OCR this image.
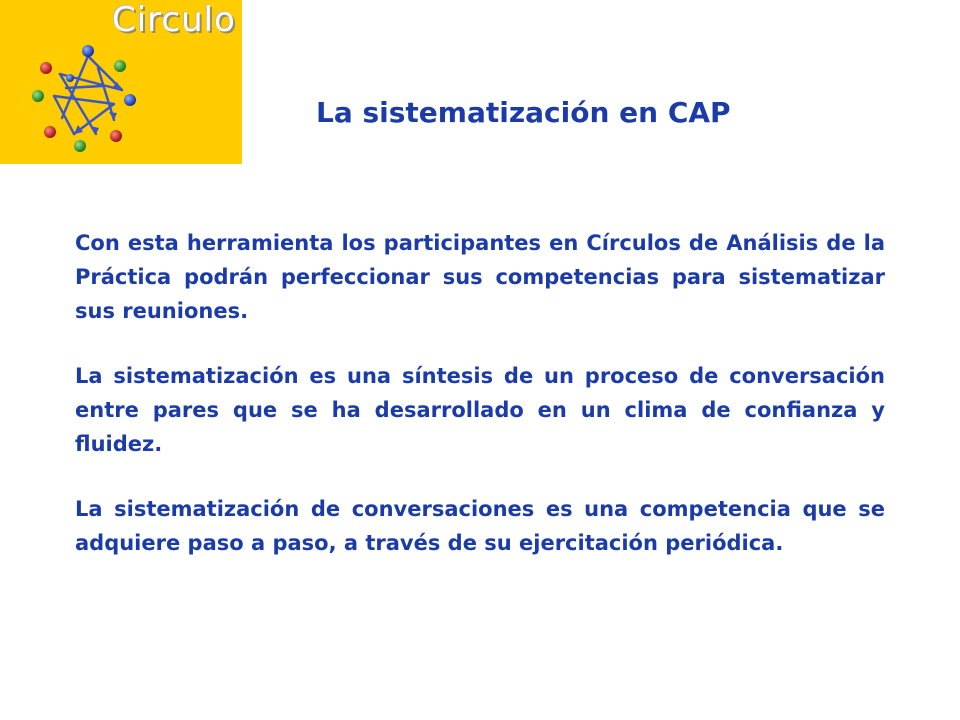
Circulo
La sistematización en CAP

Con esta herramienta los participantes en Círculos de Análisis de la Práctica podrán perfeccionar sus competencias para sistematizar sus reuniones.

La sistematización es una síntesis de un proceso de conversación entre pares que se ha desarrollado en un clima de confianza y fluidez.

La sistematización de conversaciones es una competencia que se adquiere paso a paso, a través de su ejercitación periódica.
